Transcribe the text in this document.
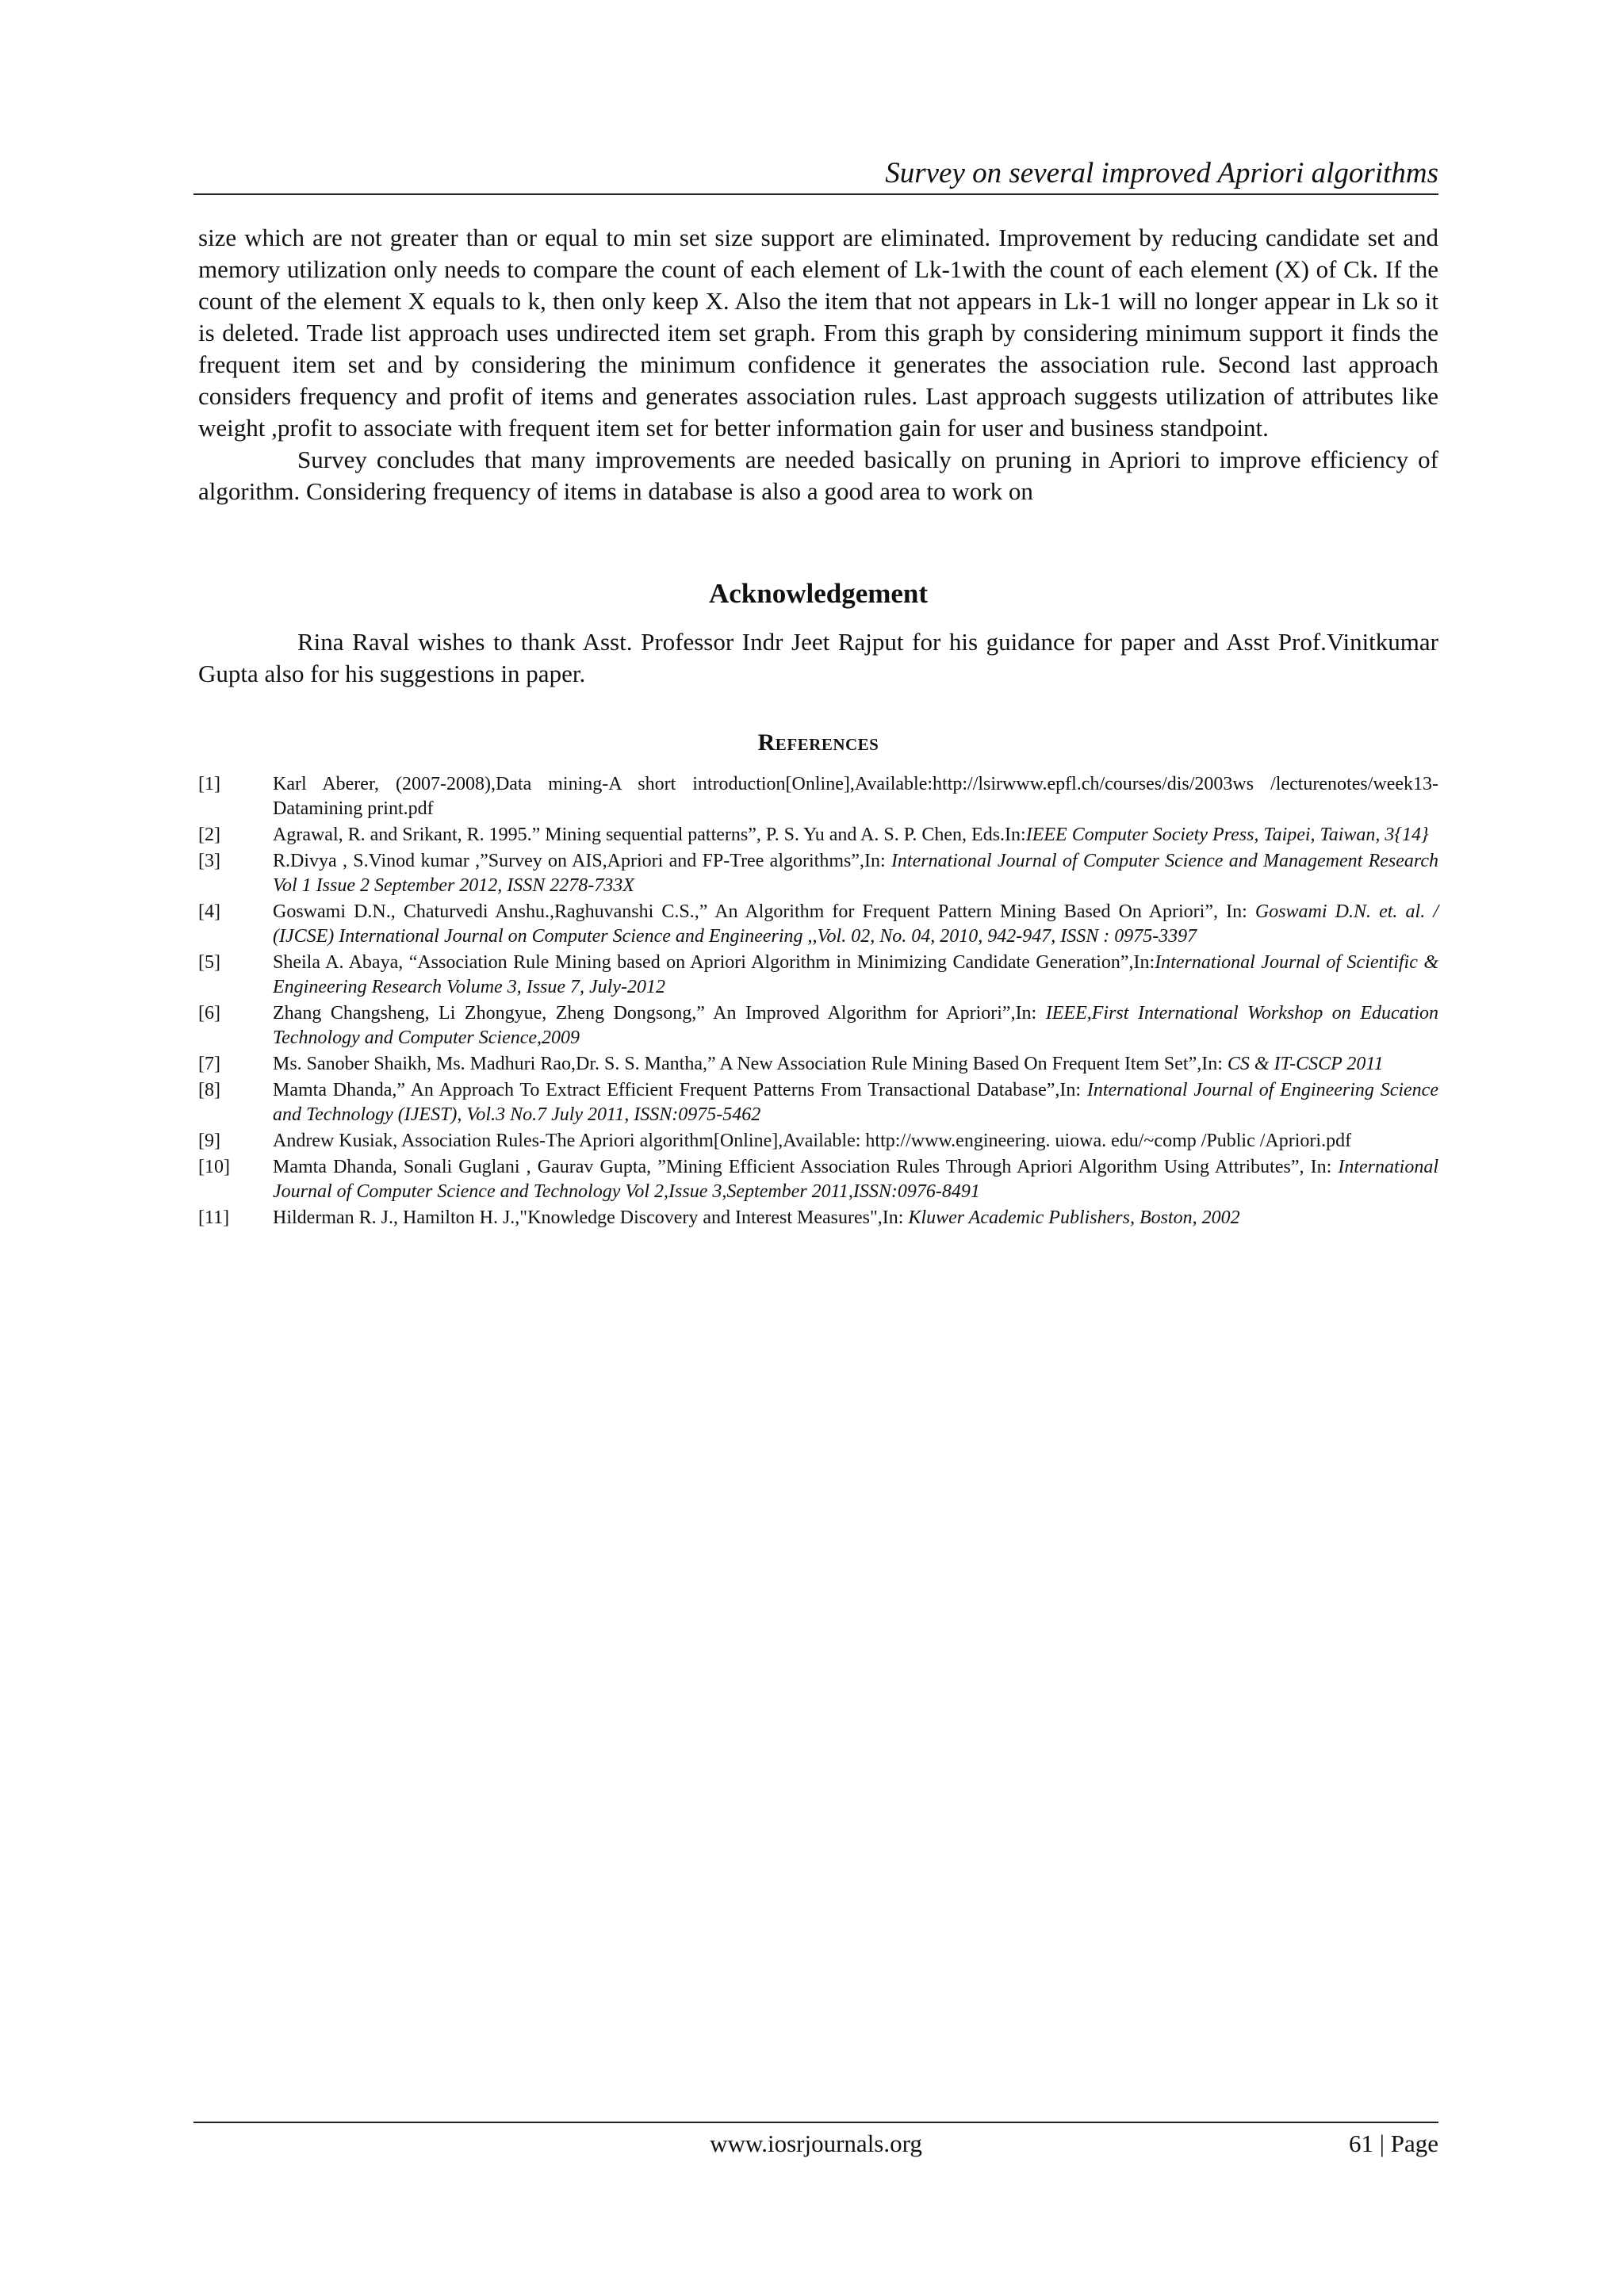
Survey on several improved Apriori algorithms

size which are not greater than or equal to min set size support are eliminated. Improvement by reducing candidate set and memory utilization only needs to compare the count of each element of Lk-1with the count of each element (X) of Ck. If the count of the element X equals to k, then only keep X. Also the item that not appears in Lk-1 will no longer appear in Lk so it is deleted. Trade list approach uses undirected item set graph. From this graph by considering minimum support it finds the frequent item set and by considering the minimum confidence it generates the association rule. Second last approach considers frequency and profit of items and generates association rules. Last approach suggests utilization of attributes like weight ,profit to associate with frequent item set for better information gain for user and business standpoint.

Survey concludes that many improvements are needed basically on pruning in Apriori to improve efficiency of algorithm. Considering frequency of items in database is also a good area to work on

Acknowledgement
Rina Raval wishes to thank Asst. Professor Indr Jeet Rajput for his guidance for paper and Asst Prof.Vinitkumar Gupta also for his suggestions in paper.
References
[1]	Karl Aberer, (2007-2008),Data mining-A short introduction[Online],Available:http://lsirwww.epfl.ch/courses/dis/2003ws /lecturenotes/week13-Datamining print.pdf
[2]	Agrawal, R. and Srikant, R. 1995.” Mining sequential patterns”, P. S. Yu and A. S. P. Chen, Eds.In:IEEE Computer Society Press, Taipei, Taiwan, 3{14}
[3]	R.Divya , S.Vinod kumar ,”Survey on AIS,Apriori and FP-Tree algorithms”,In: International Journal of Computer Science and Management Research Vol 1 Issue 2 September 2012, ISSN 2278-733X
[4]	Goswami D.N., Chaturvedi Anshu.,Raghuvanshi C.S.,” An Algorithm for Frequent Pattern Mining Based On Apriori”, In: Goswami D.N. et. al. / (IJCSE) International Journal on Computer Science and Engineering ,,Vol. 02, No. 04, 2010, 942-947, ISSN : 0975-3397
[5]	Sheila A. Abaya, “Association Rule Mining based on Apriori Algorithm in Minimizing Candidate Generation”,In:International Journal of Scientific & Engineering Research Volume 3, Issue 7, July-2012
[6]	Zhang Changsheng, Li Zhongyue, Zheng Dongsong,” An Improved Algorithm for Apriori”,In: IEEE,First International Workshop on Education Technology and Computer Science,2009
[7]	Ms. Sanober Shaikh, Ms. Madhuri Rao,Dr. S. S. Mantha,” A New Association Rule Mining Based On Frequent Item Set”,In: CS & IT-CSCP 2011
[8]	Mamta Dhanda,” An Approach To Extract Efficient Frequent Patterns From Transactional Database”,In: International Journal of Engineering Science and Technology (IJEST), Vol.3 No.7 July 2011, ISSN:0975-5462
[9]	Andrew Kusiak, Association Rules-The Apriori algorithm[Online],Available: http://www.engineering. uiowa. edu/~comp /Public /Apriori.pdf
[10]	Mamta Dhanda, Sonali Guglani , Gaurav Gupta, ”Mining Efficient Association Rules Through Apriori Algorithm Using Attributes”, In: International Journal of Computer Science and Technology Vol 2,Issue 3,September 2011,ISSN:0976-8491
[11]	Hilderman R. J., Hamilton H. J.,"Knowledge Discovery and Interest Measures",In: Kluwer Academic Publishers, Boston, 2002
www.iosrjournals.org	61 | Page
